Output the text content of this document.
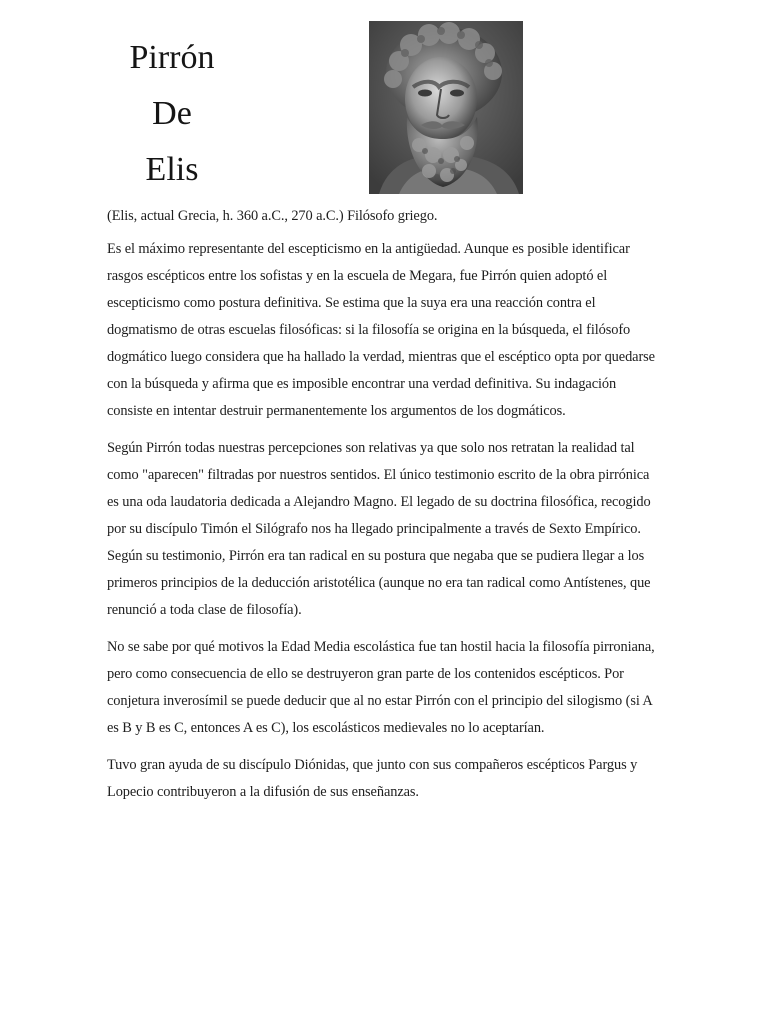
Pirrón
De
Elis

(Elis, actual Grecia, h. 360 a.C., 270 a.C.) Filósofo griego.

Es el máximo representante del escepticismo en la antigüedad. Aunque es posible identificar rasgos escépticos entre los sofistas y en la escuela de Megara, fue Pirrón quien adoptó el escepticismo como postura definitiva. Se estima que la suya era una reacción contra el dogmatismo de otras escuelas filosóficas: si la filosofía se origina en la búsqueda, el filósofo dogmático luego considera que ha hallado la verdad, mientras que el escéptico opta por quedarse con la búsqueda y afirma que es imposible encontrar una verdad definitiva. Su indagación consiste en intentar destruir permanentemente los argumentos de los dogmáticos.

Según Pirrón todas nuestras percepciones son relativas ya que solo nos retratan la realidad tal como "aparecen" filtradas por nuestros sentidos. El único testimonio escrito de la obra pirrónica es una oda laudatoria dedicada a Alejandro Magno. El legado de su doctrina filosófica, recogido por su discípulo Timón el Silógrafo nos ha llegado principalmente a través de Sexto Empírico. Según su testimonio, Pirrón era tan radical en su postura que negaba que se pudiera llegar a los primeros principios de la deducción aristotélica (aunque no era tan radical como Antístenes, que renunció a toda clase de filosofía).

No se sabe por qué motivos la Edad Media escolástica fue tan hostil hacia la filosofía pirroniana, pero como consecuencia de ello se destruyeron gran parte de los contenidos escépticos. Por conjetura inverosímil se puede deducir que al no estar Pirrón con el principio del silogismo (si A es B y B es C, entonces A es C), los escolásticos medievales no lo aceptarían.

Tuvo gran ayuda de su discípulo Diónidas, que junto con sus compañeros escépticos Pargus y Lopecio contribuyeron a la difusión de sus enseñanzas.
